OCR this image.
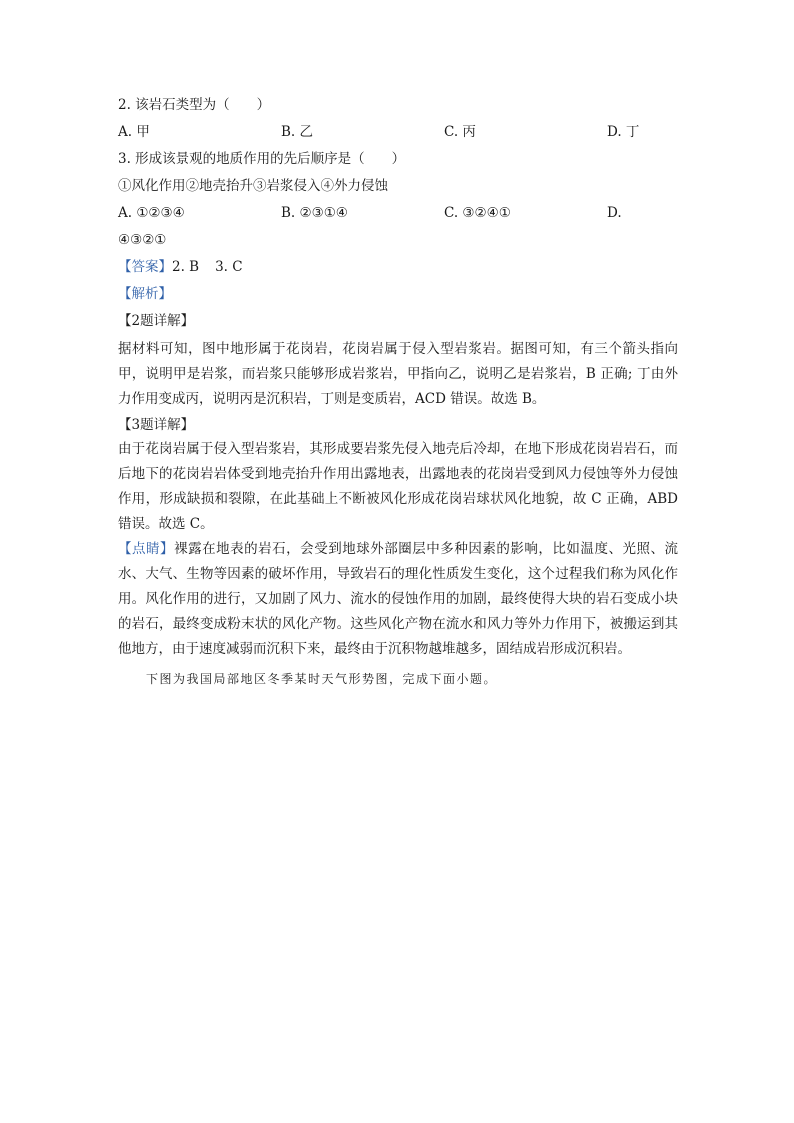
2. 该岩石类型为（　　）
A. 甲	B. 乙	C. 丙	D. 丁
3. 形成该景观的地质作用的先后顺序是（　　）
①风化作用②地壳抬升③岩浆侵入④外力侵蚀
A. ①②③④	B. ②③①④	C. ③②④①	D.
④③②①
【答案】 2. B 3. C
【解析】
【2题详解】

据材料可知，图中地形属于花岗岩，花岗岩属于侵入型岩浆岩。据图可知，有三个箭头指向甲，说明甲是岩浆，而岩浆只能够形成岩浆岩，甲指向乙，说明乙是岩浆岩，B 正确; 丁由外力作用变成丙，说明丙是沉积岩，丁则是变质岩，ACD 错误。故选 B。

【3题详解】

由于花岗岩属于侵入型岩浆岩，其形成要岩浆先侵入地壳后冷却，在地下形成花岗岩岩石，而后地下的花岗岩岩体受到地壳抬升作用出露地表，出露地表的花岗岩受到风力侵蚀等外力侵蚀作用，形成缺损和裂隙，在此基础上不断被风化形成花岗岩球状风化地貌，故 C 正确，ABD 错误。故选 C。

【点睛】裸露在地表的岩石，会受到地球外部圈层中多种因素的影响，比如温度、光照、流水、大气、生物等因素的破坏作用，导致岩石的理化性质发生变化，这个过程我们称为风化作用。风化作用的进行，又加剧了风力、流水的侵蚀作用的加剧，最终使得大块的岩石变成小块的岩石，最终变成粉末状的风化产物。这些风化产物在流水和风力等外力作用下，被搬运到其他地方，由于速度减弱而沉积下来，最终由于沉积物越堆越多，固结成岩形成沉积岩。

下图为我国局部地区冬季某时天气形势图，完成下面小题。
